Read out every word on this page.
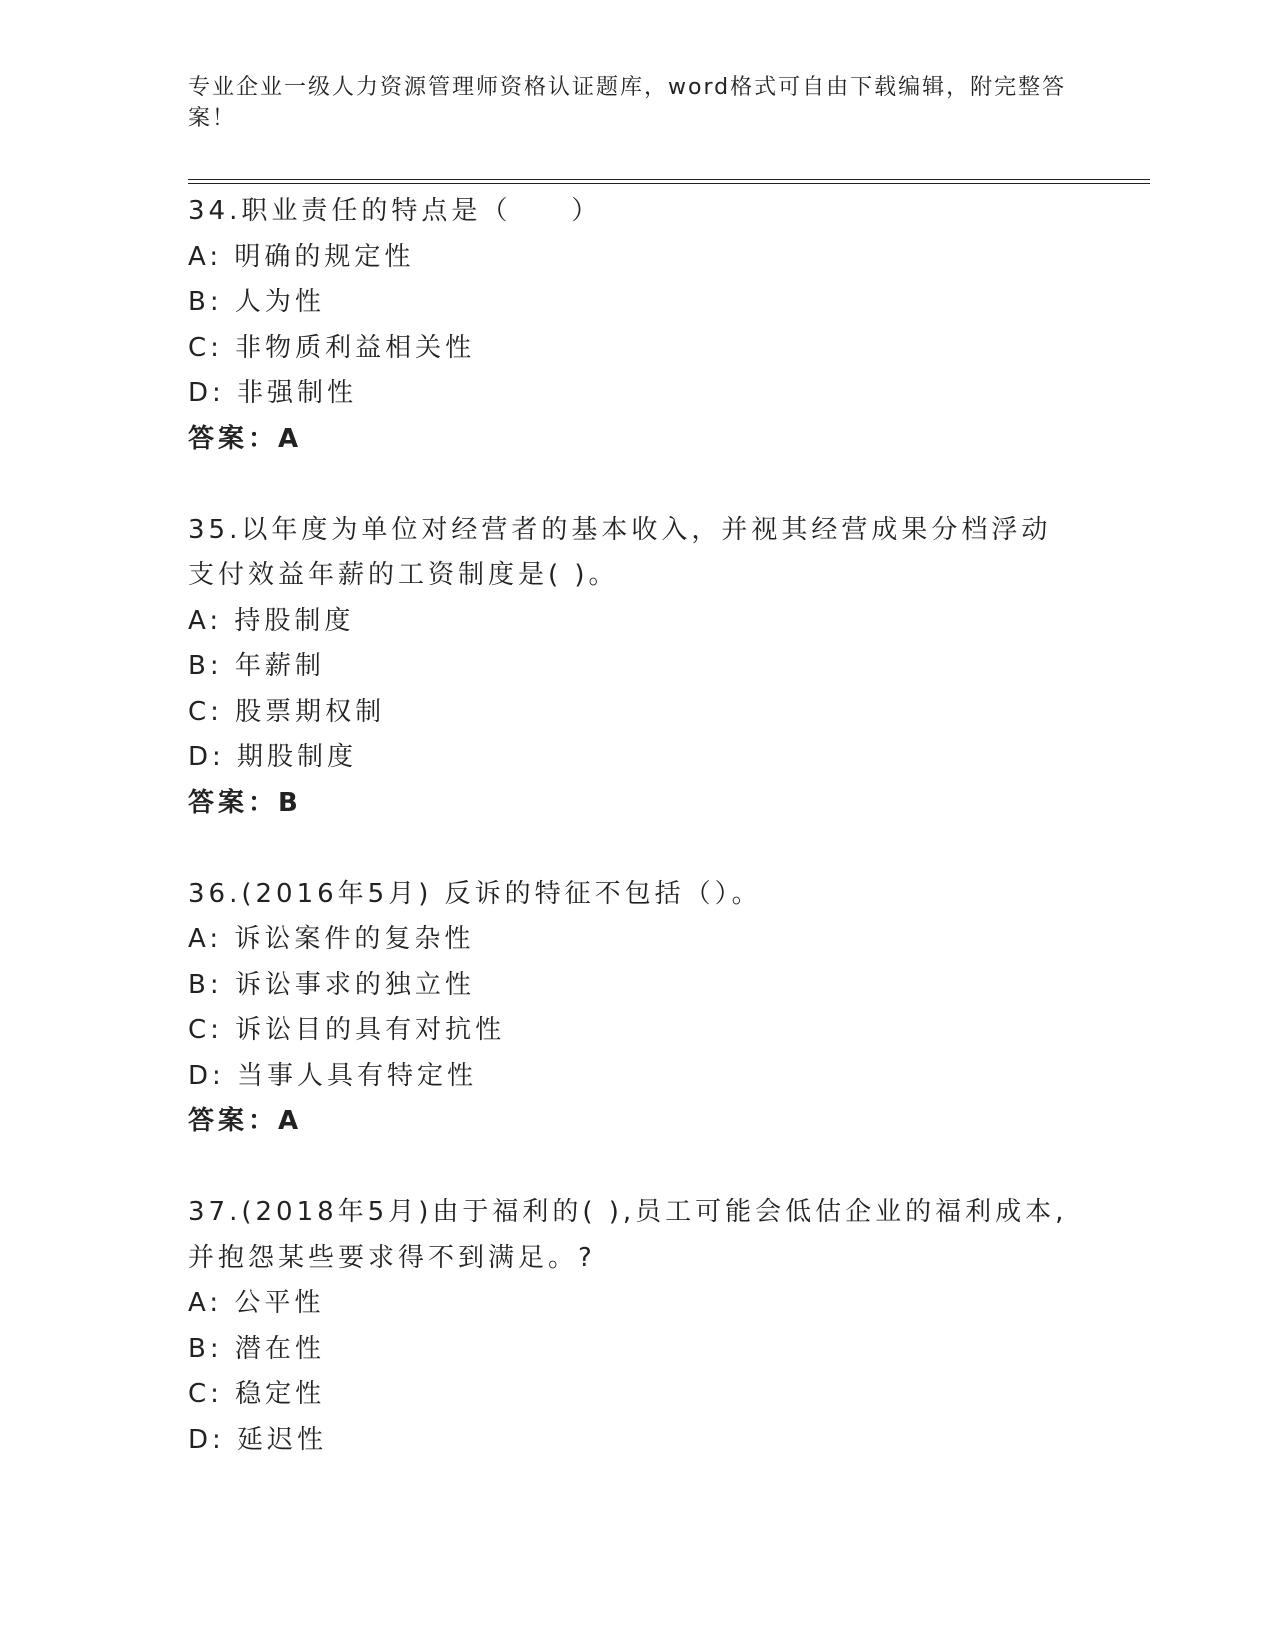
专业企业一级人力资源管理师资格认证题库，word格式可自由下载编辑，附完整答案！
34.职业责任的特点是（　　）
A: 明确的规定性
B: 人为性
C: 非物质利益相关性
D: 非强制性
答案：A
35.以年度为单位对经营者的基本收入，并视其经营成果分档浮动支付效益年薪的工资制度是( )。
A: 持股制度
B: 年薪制
C: 股票期权制
D: 期股制度
答案：B
36.(2016年5月) 反诉的特征不包括（）。
A: 诉讼案件的复杂性
B: 诉讼事求的独立性
C: 诉讼目的具有对抗性
D: 当事人具有特定性
答案：A
37.(2018年5月)由于福利的( ),员工可能会低估企业的福利成本,并抱怨某些要求得不到满足。?
A: 公平性
B: 潜在性
C: 稳定性
D: 延迟性
